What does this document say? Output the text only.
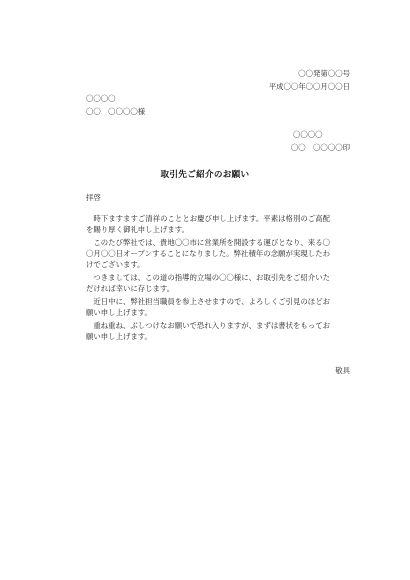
〇〇発第〇〇号
平成〇〇年〇〇月〇〇日
〇〇〇〇
〇〇　〇〇〇〇様
〇〇〇〇
〇〇　〇〇〇〇印
取引先ご紹介のお願い
拝啓

時下ますますご清祥のこととお慶び申し上げます。平素は格別のご高配を賜り厚く御礼申し上げます。

このたび弊社では、貴地〇〇市に営業所を開設する運びとなり、来る〇〇月〇〇日オープンすることになりました。弊社積年の念願が実現したわけでございます。

つきましては、この道の指導的立場の〇〇様に、お取引先をご紹介いただければ幸いに存じます。

近日中に、弊社担当職員を参上させますので、よろしくご引見のほどお願い申し上げます。

重ね重ね、ぶしつけなお願いで恐れ入りますが、まずは書状をもってお願い申し上げます。

敬具
